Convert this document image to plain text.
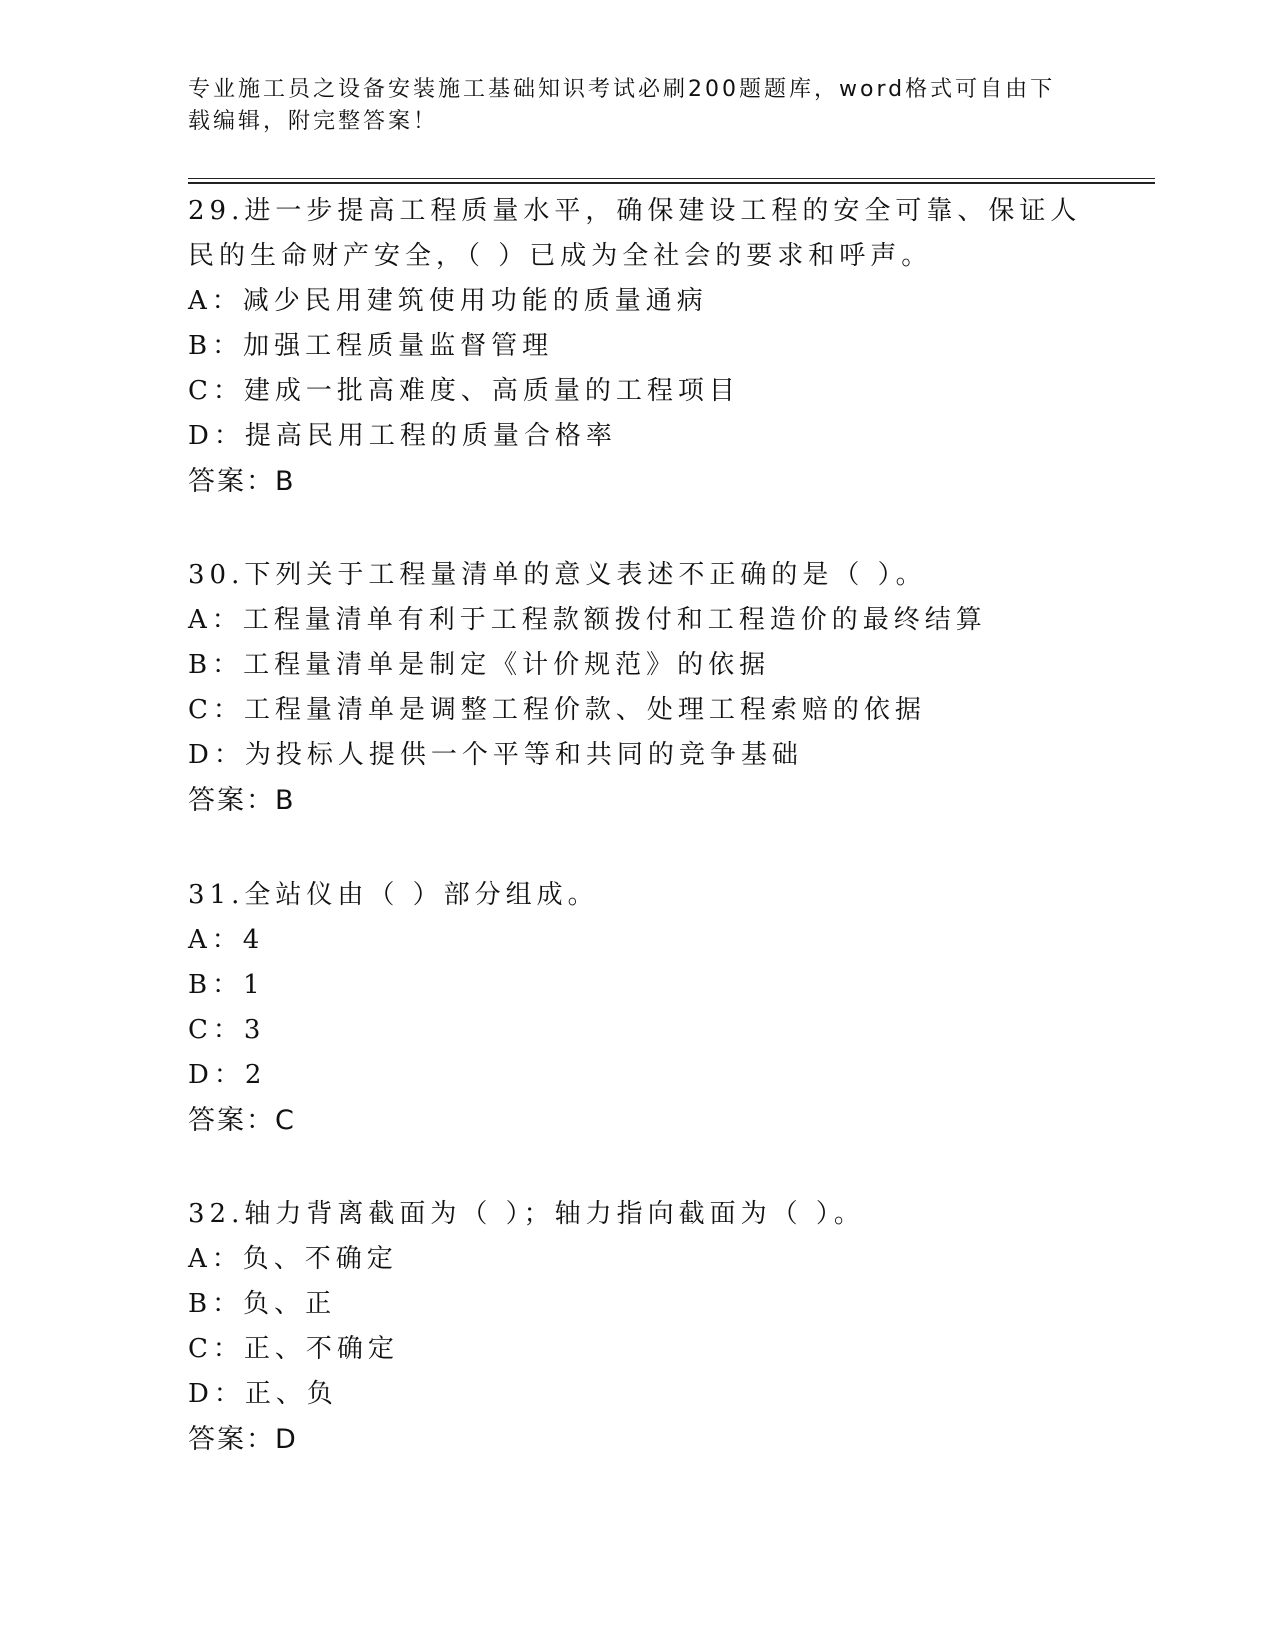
专业施工员之设备安装施工基础知识考试必刷200题题库，word格式可自由下载编辑，附完整答案！

29.进一步提高工程质量水平，确保建设工程的安全可靠、保证人民的生命财产安全，（ ）已成为全社会的要求和呼声。

A：减少民用建筑使用功能的质量通病

B：加强工程质量监督管理

C：建成一批高难度、高质量的工程项目

D：提高民用工程的质量合格率

答案：B

30.下列关于工程量清单的意义表述不正确的是（ ）。

A：工程量清单有利于工程款额拨付和工程造价的最终结算

B：工程量清单是制定《计价规范》的依据

C：工程量清单是调整工程价款、处理工程索赔的依据

D：为投标人提供一个平等和共同的竞争基础

答案：B

31.全站仪由（ ）部分组成。

A：4

B：1

C：3

D：2

答案：C

32.轴力背离截面为（ ）；轴力指向截面为（ ）。

A：负、不确定

B：负、正

C：正、不确定

D：正、负

答案：D
